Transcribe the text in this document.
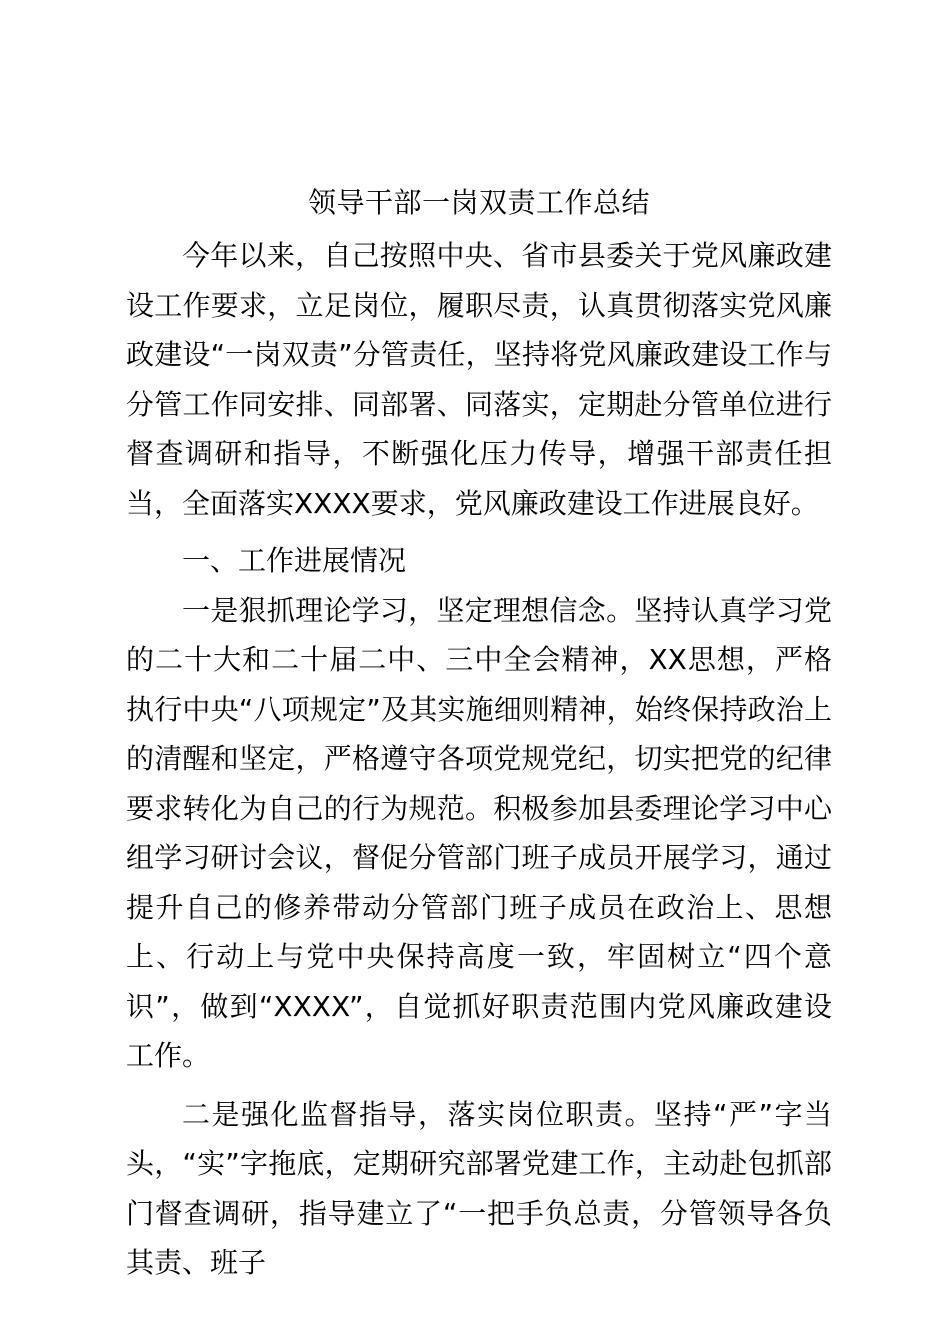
领导干部一岗双责工作总结

今年以来，自己按照中央、省市县委关于党风廉政建设工作要求，立足岗位，履职尽责，认真贯彻落实党风廉政建设“一岗双责”分管责任，坚持将党风廉政建设工作与分管工作同安排、同部署、同落实，定期赴分管单位进行督查调研和指导，不断强化压力传导，增强干部责任担当，全面落实XXXX要求，党风廉政建设工作进展良好。

一、工作进展情况

一是狠抓理论学习，坚定理想信念。坚持认真学习党的二十大和二十届二中、三中全会精神，XX思想，严格执行中央“八项规定”及其实施细则精神，始终保持政治上的清醒和坚定，严格遵守各项党规党纪，切实把党的纪律要求转化为自己的行为规范。积极参加县委理论学习中心组学习研讨会议，督促分管部门班子成员开展学习，通过提升自己的修养带动分管部门班子成员在政治上、思想上、行动上与党中央保持高度一致，牢固树立“四个意识”，做到“XXXX”，自觉抓好职责范围内党风廉政建设工作。

二是强化监督指导，落实岗位职责。坚持“严”字当头，“实”字拖底，定期研究部署党建工作，主动赴包抓部门督查调研，指导建立了“一把手负总责，分管领导各负其责、班子
